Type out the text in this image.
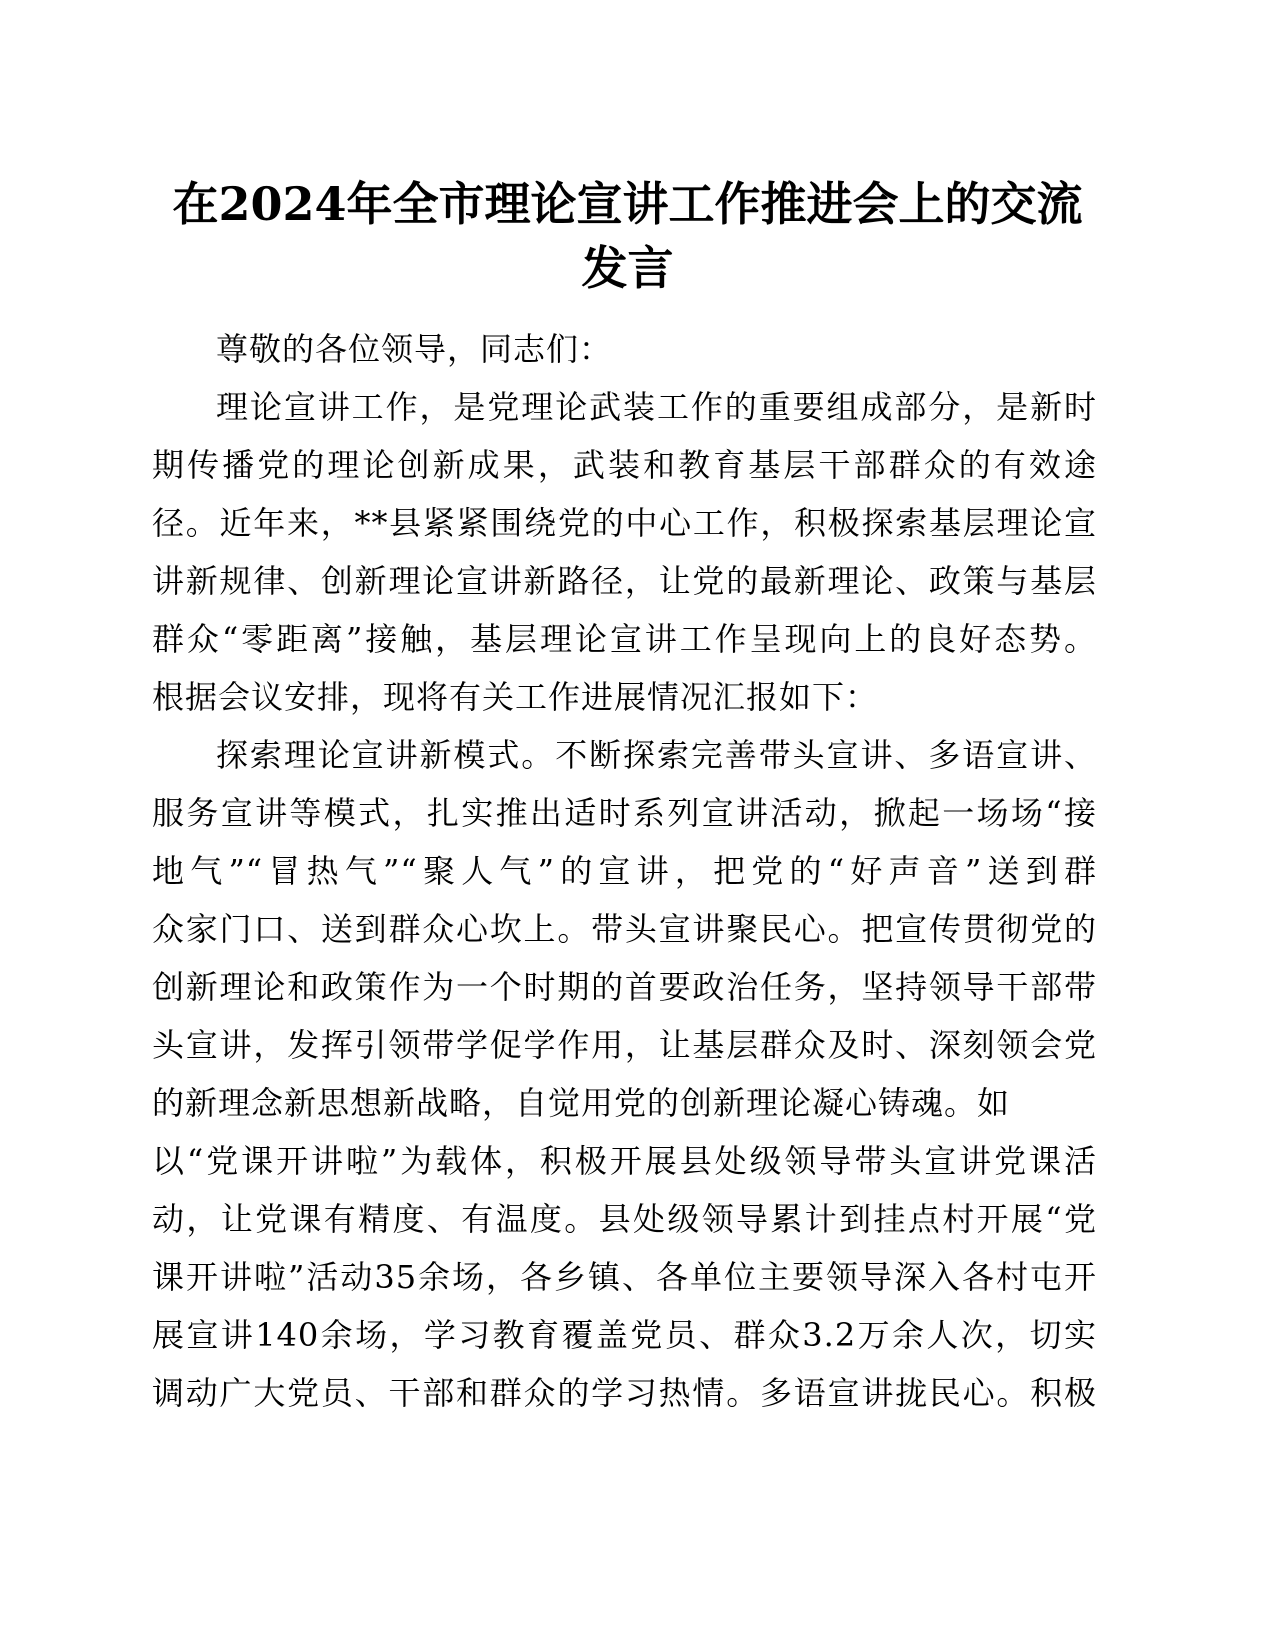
在2024年全市理论宣讲工作推进会上的交流发言
尊敬的各位领导，同志们：
理论宣讲工作，是党理论武装工作的重要组成部分，是新时
期传播党的理论创新成果，武装和教育基层干部群众的有效途
径。近年来，**县紧紧围绕党的中心工作，积极探索基层理论宣
讲新规律、创新理论宣讲新路径，让党的最新理论、政策与基层
群众“零距离”接触，基层理论宣讲工作呈现向上的良好态势。
根据会议安排，现将有关工作进展情况汇报如下：
探索理论宣讲新模式。不断探索完善带头宣讲、多语宣讲、
服务宣讲等模式，扎实推出适时系列宣讲活动，掀起一场场“接
地气”“冒热气”“聚人气”的宣讲，把党的“好声音”送到群
众家门口、送到群众心坎上。带头宣讲聚民心。把宣传贯彻党的
创新理论和政策作为一个时期的首要政治任务，坚持领导干部带
头宣讲，发挥引领带学促学作用，让基层群众及时、深刻领会党
的新理念新思想新战略，自觉用党的创新理论凝心铸魂。如
以“党课开讲啦”为载体，积极开展县处级领导带头宣讲党课活
动，让党课有精度、有温度。县处级领导累计到挂点村开展“党
课开讲啦”活动35余场，各乡镇、各单位主要领导深入各村屯开
展宣讲140余场，学习教育覆盖党员、群众3.2万余人次，切实
调动广大党员、干部和群众的学习热情。多语宣讲拢民心。积极
